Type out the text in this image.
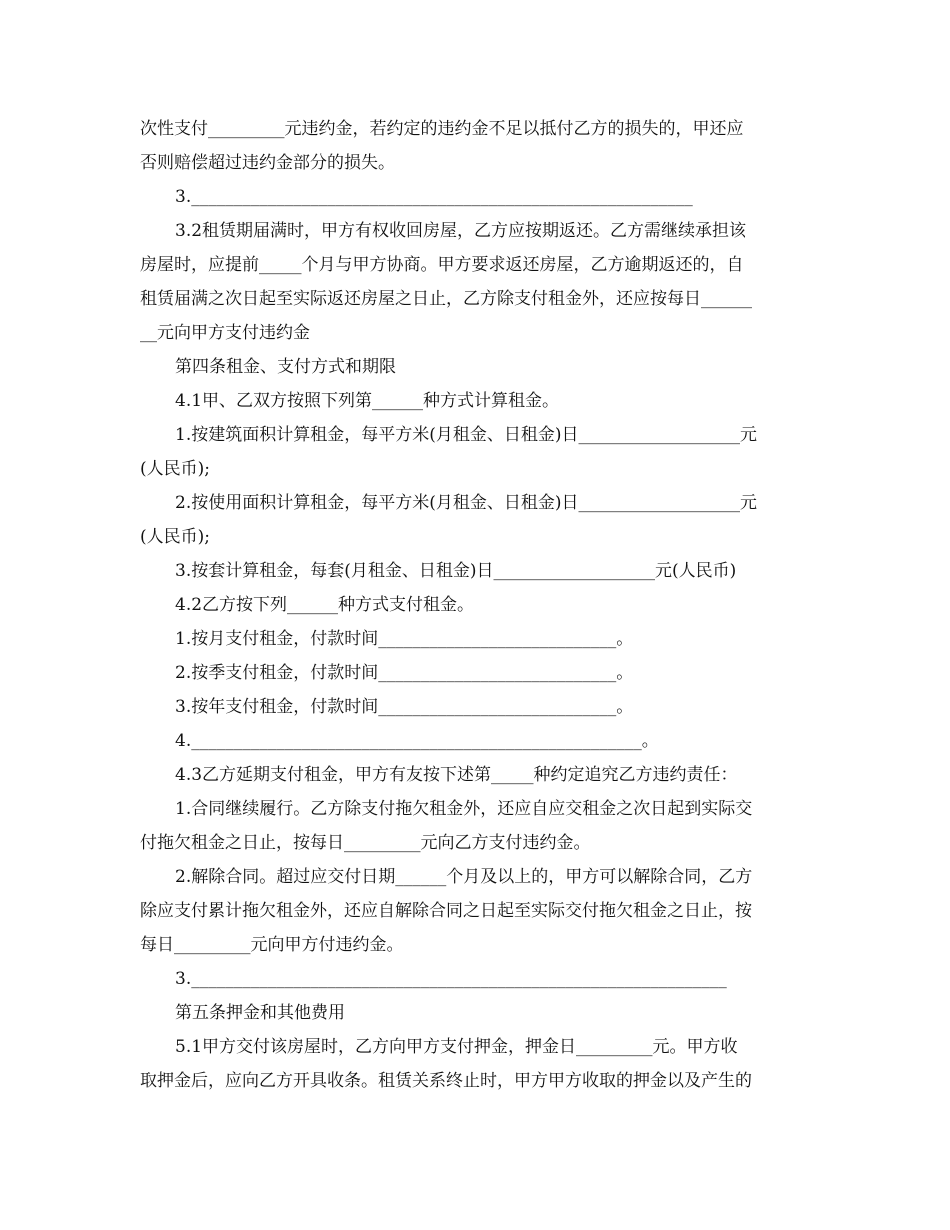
次性支付_________元违约金，若约定的违约金不足以抵付乙方的损失的，甲还应
否则赔偿超过违约金部分的损失。
3.___________________________________________________________
3.2租赁期届满时，甲方有权收回房屋，乙方应按期返还。乙方需继续承担该
房屋时，应提前_____个月与甲方协商。甲方要求返还房屋，乙方逾期返还的，自
租赁届满之次日起至实际返还房屋之日止，乙方除支付租金外，还应按每日______
__元向甲方支付违约金
第四条租金、支付方式和期限
4.1甲、乙双方按照下列第______种方式计算租金。
1.按建筑面积计算租金，每平方米(月租金、日租金)日___________________元
(人民币);
2.按使用面积计算租金，每平方米(月租金、日租金)日___________________元
(人民币);
3.按套计算租金，每套(月租金、日租金)日___________________元(人民币)
4.2乙方按下列______种方式支付租金。
1.按月支付租金，付款时间____________________________。
2.按季支付租金，付款时间____________________________。
3.按年支付租金，付款时间____________________________。
4._____________________________________________________。
4.3乙方延期支付租金，甲方有友按下述第_____种约定追究乙方违约责任：
1.合同继续履行。乙方除支付拖欠租金外，还应自应交租金之次日起到实际交
付拖欠租金之日止，按每日_________元向乙方支付违约金。
2.解除合同。超过应交付日期______个月及以上的，甲方可以解除合同，乙方
除应支付累计拖欠租金外，还应自解除合同之日起至实际交付拖欠租金之日止，按
每日_________元向甲方付违约金。
3._______________________________________________________________
第五条押金和其他费用
5.1甲方交付该房屋时，乙方向甲方支付押金，押金日_________元。甲方收
取押金后，应向乙方开具收条。租赁关系终止时，甲方甲方收取的押金以及产生的
